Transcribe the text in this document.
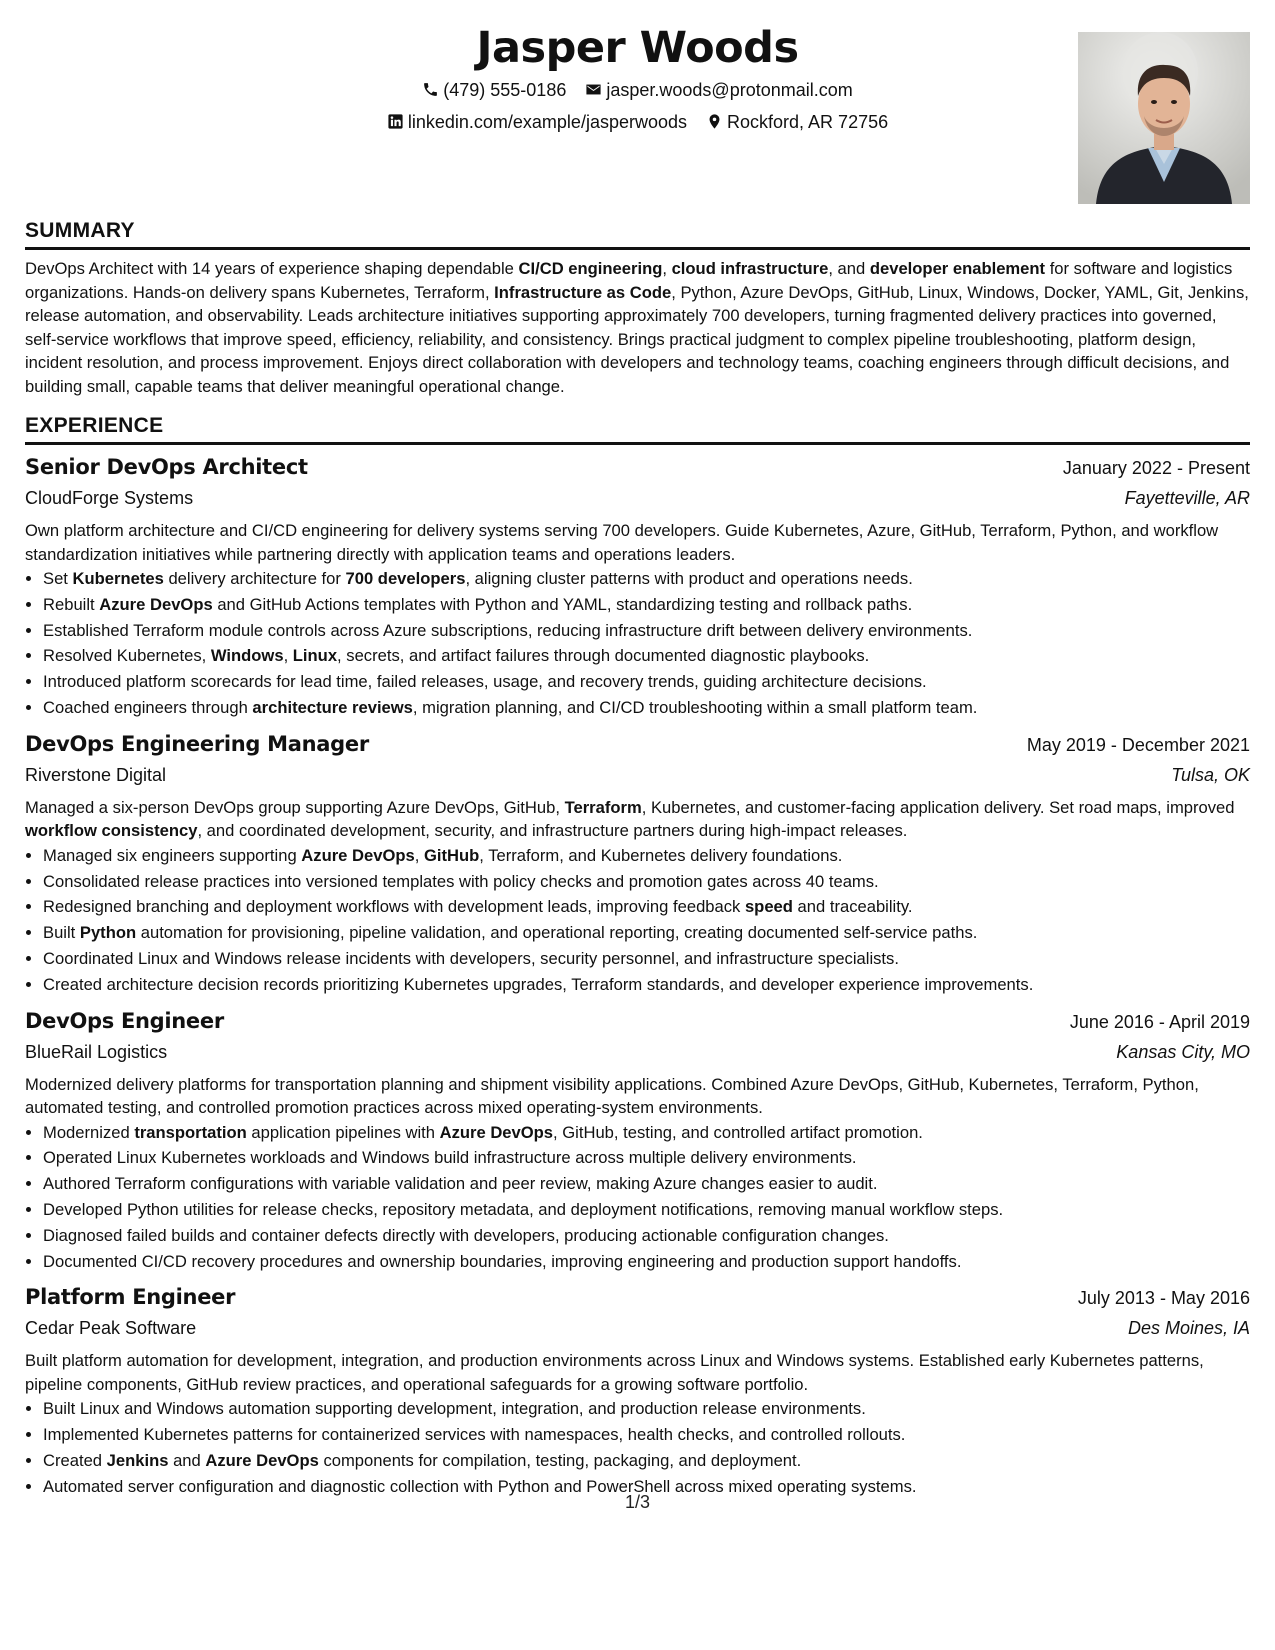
Jasper Woods
(479) 555-0186 jasper.woods@protonmail.com
linkedin.com/example/jasperwoods Rockford, AR 72756
SUMMARY

DevOps Architect with 14 years of experience shaping dependable CI/CD engineering, cloud infrastructure, and developer enablement for software and logistics organizations. Hands-on delivery spans Kubernetes, Terraform, Infrastructure as Code, Python, Azure DevOps, GitHub, Linux, Windows, Docker, YAML, Git, Jenkins, release automation, and observability. Leads architecture initiatives supporting approximately 700 developers, turning fragmented delivery practices into governed, self-service workflows that improve speed, efficiency, reliability, and consistency. Brings practical judgment to complex pipeline troubleshooting, platform design, incident resolution, and process improvement. Enjoys direct collaboration with developers and technology teams, coaching engineers through difficult decisions, and building small, capable teams that deliver meaningful operational change.

EXPERIENCE
Senior DevOps Architect	January 2022 - Present
CloudForge Systems	Fayetteville, AR

Own platform architecture and CI/CD engineering for delivery systems serving 700 developers. Guide Kubernetes, Azure, GitHub, Terraform, Python, and workflow standardization initiatives while partnering directly with application teams and operations leaders.

• Set Kubernetes delivery architecture for 700 developers, aligning cluster patterns with product and operations needs.
• Rebuilt Azure DevOps and GitHub Actions templates with Python and YAML, standardizing testing and rollback paths.
• Established Terraform module controls across Azure subscriptions, reducing infrastructure drift between delivery environments.
• Resolved Kubernetes, Windows, Linux, secrets, and artifact failures through documented diagnostic playbooks.
• Introduced platform scorecards for lead time, failed releases, usage, and recovery trends, guiding architecture decisions.
• Coached engineers through architecture reviews, migration planning, and CI/CD troubleshooting within a small platform team.
DevOps Engineering Manager	May 2019 - December 2021
Riverstone Digital	Tulsa, OK

Managed a six-person DevOps group supporting Azure DevOps, GitHub, Terraform, Kubernetes, and customer-facing application delivery. Set road maps, improved workflow consistency, and coordinated development, security, and infrastructure partners during high-impact releases.

• Managed six engineers supporting Azure DevOps, GitHub, Terraform, and Kubernetes delivery foundations.
• Consolidated release practices into versioned templates with policy checks and promotion gates across 40 teams.
• Redesigned branching and deployment workflows with development leads, improving feedback speed and traceability.
• Built Python automation for provisioning, pipeline validation, and operational reporting, creating documented self-service paths.
• Coordinated Linux and Windows release incidents with developers, security personnel, and infrastructure specialists.
• Created architecture decision records prioritizing Kubernetes upgrades, Terraform standards, and developer experience improvements.
DevOps Engineer	June 2016 - April 2019
BlueRail Logistics	Kansas City, MO

Modernized delivery platforms for transportation planning and shipment visibility applications. Combined Azure DevOps, GitHub, Kubernetes, Terraform, Python, automated testing, and controlled promotion practices across mixed operating-system environments.

• Modernized transportation application pipelines with Azure DevOps, GitHub, testing, and controlled artifact promotion.
• Operated Linux Kubernetes workloads and Windows build infrastructure across multiple delivery environments.
• Authored Terraform configurations with variable validation and peer review, making Azure changes easier to audit.
• Developed Python utilities for release checks, repository metadata, and deployment notifications, removing manual workflow steps.
• Diagnosed failed builds and container defects directly with developers, producing actionable configuration changes.
• Documented CI/CD recovery procedures and ownership boundaries, improving engineering and production support handoffs.
Platform Engineer	July 2013 - May 2016
Cedar Peak Software	Des Moines, IA

Built platform automation for development, integration, and production environments across Linux and Windows systems. Established early Kubernetes patterns, pipeline components, GitHub review practices, and operational safeguards for a growing software portfolio.

• Built Linux and Windows automation supporting development, integration, and production release environments.
• Implemented Kubernetes patterns for containerized services with namespaces, health checks, and controlled rollouts.
• Created Jenkins and Azure DevOps components for compilation, testing, packaging, and deployment.
• Automated server configuration and diagnostic collection with Python and PowerShell across mixed operating systems.
1/3
